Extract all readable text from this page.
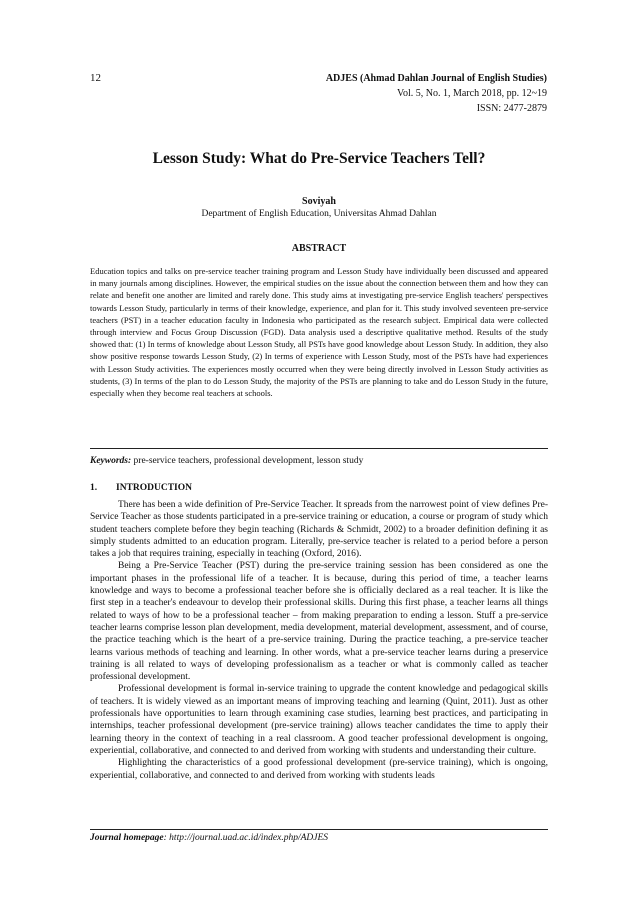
12	ADJES (Ahmad Dahlan Journal of English Studies)
Vol. 5, No. 1, March 2018, pp. 12~19
ISSN: 2477-2879
Lesson Study: What do Pre-Service Teachers Tell?
Soviyah
Department of English Education, Universitas Ahmad Dahlan
ABSTRACT
Education topics and talks on pre-service teacher training program and Lesson Study have individually been discussed and appeared in many journals among disciplines. However, the empirical studies on the issue about the connection between them and how they can relate and benefit one another are limited and rarely done. This study aims at investigating pre-service English teachers' perspectives towards Lesson Study, particularly in terms of their knowledge, experience, and plan for it. This study involved seventeen pre-service teachers (PST) in a teacher education faculty in Indonesia who participated as the research subject. Empirical data were collected through interview and Focus Group Discussion (FGD). Data analysis used a descriptive qualitative method. Results of the study showed that: (1) In terms of knowledge about Lesson Study, all PSTs have good knowledge about Lesson Study. In addition, they also show positive response towards Lesson Study, (2) In terms of experience with Lesson Study, most of the PSTs have had experiences with Lesson Study activities. The experiences mostly occurred when they were being directly involved in Lesson Study activities as students, (3) In terms of the plan to do Lesson Study, the majority of the PSTs are planning to take and do Lesson Study in the future, especially when they become real teachers at schools.
Keywords: pre-service teachers, professional development, lesson study
1. INTRODUCTION

There has been a wide definition of Pre-Service Teacher. It spreads from the narrowest point of view defines Pre-Service Teacher as those students participated in a pre-service training or education, a course or program of study which student teachers complete before they begin teaching (Richards & Schmidt, 2002) to a broader definition defining it as simply students admitted to an education program. Literally, pre-service teacher is related to a period before a person takes a job that requires training, especially in teaching (Oxford, 2016).

Being a Pre-Service Teacher (PST) during the pre-service training session has been considered as one the important phases in the professional life of a teacher. It is because, during this period of time, a teacher learns knowledge and ways to become a professional teacher before she is officially declared as a real teacher. It is like the first step in a teacher's endeavour to develop their professional skills. During this first phase, a teacher learns all things related to ways of how to be a professional teacher – from making preparation to ending a lesson. Stuff a pre-service teacher learns comprise lesson plan development, media development, material development, assessment, and of course, the practice teaching which is the heart of a pre-service training. During the practice teaching, a pre-service teacher learns various methods of teaching and learning. In other words, what a pre-service teacher learns during a preservice training is all related to ways of developing professionalism as a teacher or what is commonly called as teacher professional development.

Professional development is formal in-service training to upgrade the content knowledge and pedagogical skills of teachers. It is widely viewed as an important means of improving teaching and learning (Quint, 2011). Just as other professionals have opportunities to learn through examining case studies, learning best practices, and participating in internships, teacher professional development (pre-service training) allows teacher candidates the time to apply their learning theory in the context of teaching in a real classroom. A good teacher professional development is ongoing, experiential, collaborative, and connected to and derived from working with students and understanding their culture.

Highlighting the characteristics of a good professional development (pre-service training), which is ongoing, experiential, collaborative, and connected to and derived from working with students leads

Journal homepage: http://journal.uad.ac.id/index.php/ADJES
